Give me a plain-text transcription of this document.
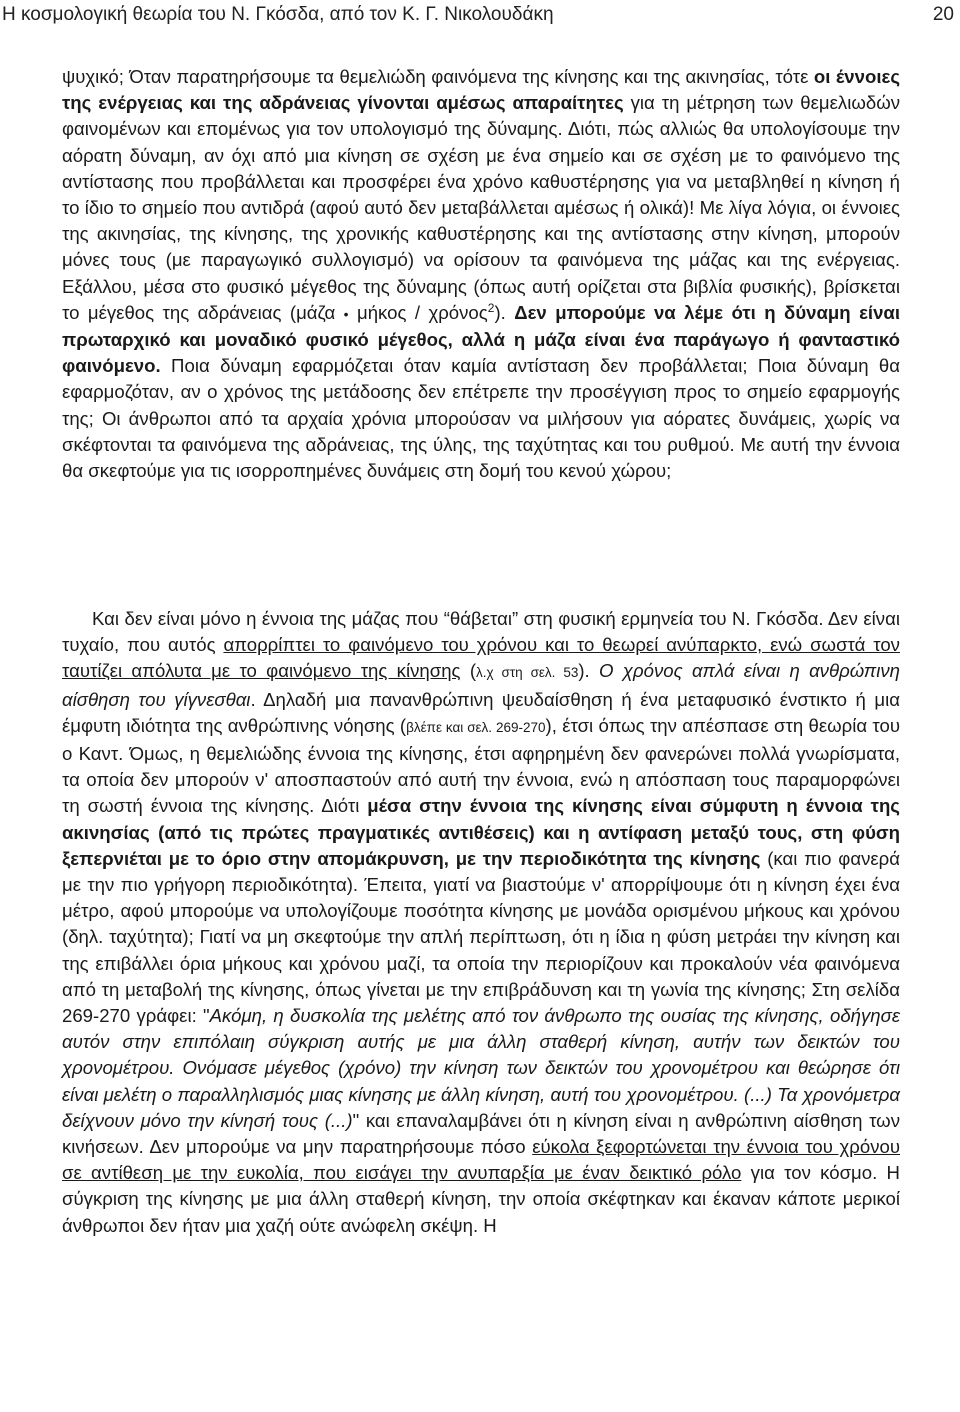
Η κοσμολογική θεωρία του Ν. Γκόσδα, από τον Κ. Γ. Νικολουδάκη	20

ψυχικό; Όταν παρατηρήσουμε τα θεμελιώδη φαινόμενα της κίνησης και της ακινησίας, τότε οι έννοιες της ενέργειας και της αδράνειας γίνονται αμέσως απαραίτητες για τη μέτρηση των θεμελιωδών φαινομένων και επομένως για τον υπολογισμό της δύναμης. Διότι, πώς αλλιώς θα υπολογίσουμε την αόρατη δύναμη, αν όχι από μια κίνηση σε σχέση με ένα σημείο και σε σχέση με το φαινόμενο της αντίστασης που προβάλλεται και προσφέρει ένα χρόνο καθυστέρησης για να μεταβληθεί η κίνηση ή το ίδιο το σημείο που αντιδρά (αφού αυτό δεν μεταβάλλεται αμέσως ή ολικά)! Με λίγα λόγια, οι έννοιες της ακινησίας, της κίνησης, της χρονικής καθυστέρησης και της αντίστασης στην κίνηση, μπορούν μόνες τους (με παραγωγικό συλλογισμό) να ορίσουν τα φαινόμενα της μάζας και της ενέργειας. Εξάλλου, μέσα στο φυσικό μέγεθος της δύναμης (όπως αυτή ορίζεται στα βιβλία φυσικής), βρίσκεται το μέγεθος της αδράνειας (μάζα • μήκος / χρόνος$^2$). Δεν μπορούμε να λέμε ότι η δύναμη είναι πρωταρχικό και μοναδικό φυσικό μέγεθος, αλλά η μάζα είναι ένα παράγωγο ή φανταστικό φαινόμενο. Ποια δύναμη εφαρμόζεται όταν καμία αντίσταση δεν προβάλλεται; Ποια δύναμη θα εφαρμοζόταν, αν ο χρόνος της μετάδοσης δεν επέτρεπε την προσέγγιση προς το σημείο εφαρμογής της; Οι άνθρωποι από τα αρχαία χρόνια μπορούσαν να μιλήσουν για αόρατες δυνάμεις, χωρίς να σκέφτονται τα φαινόμενα της αδράνειας, της ύλης, της ταχύτητας και του ρυθμού. Με αυτή την έννοια θα σκεφτούμε για τις ισορροπημένες δυνάμεις στη δομή του κενού χώρου;

Και δεν είναι μόνο η έννοια της μάζας που “θάβεται” στη φυσική ερμηνεία του Ν. Γκόσδα. Δεν είναι τυχαίο, που αυτός απορρίπτει το φαινόμενο του χρόνου και το θεωρεί ανύπαρκτο, ενώ σωστά τον ταυτίζει απόλυτα με το φαινόμενο της κίνησης (λ.χ στη σελ. 53). Ο χρόνος απλά είναι η ανθρώπινη αίσθηση του γίγνεσθαι. Δηλαδή μια πανανθρώπινη ψευδαίσθηση ή ένα μεταφυσικό ένστικτο ή μια έμφυτη ιδιότητα της ανθρώπινης νόησης (βλέπε και σελ. 269-270), έτσι όπως την απέσπασε στη θεωρία του ο Καντ. Όμως, η θεμελιώδης έννοια της κίνησης, έτσι αφηρημένη δεν φανερώνει πολλά γνωρίσματα, τα οποία δεν μπορούν ν' αποσπαστούν από αυτή την έννοια, ενώ η απόσπαση τους παραμορφώνει τη σωστή έννοια της κίνησης. Διότι μέσα στην έννοια της κίνησης είναι σύμφυτη η έννοια της ακινησίας (από τις πρώτες πραγματικές αντιθέσεις) και η αντίφαση μεταξύ τους, στη φύση ξεπερνιέται με το όριο στην απομάκρυνση, με την περιοδικότητα της κίνησης (και πιο φανερά με την πιο γρήγορη περιοδικότητα). Έπειτα, γιατί να βιαστούμε ν' απορρίψουμε ότι η κίνηση έχει ένα μέτρο, αφού μπορούμε να υπολογίζουμε ποσότητα κίνησης με μονάδα ορισμένου μήκους και χρόνου (δηλ. ταχύτητα); Γιατί να μη σκεφτούμε την απλή περίπτωση, ότι η ίδια η φύση μετράει την κίνηση και της επιβάλλει όρια μήκους και χρόνου μαζί, τα οποία την περιορίζουν και προκαλούν νέα φαινόμενα από τη μεταβολή της κίνησης, όπως γίνεται με την επιβράδυνση και τη γωνία της κίνησης; Στη σελίδα 269-270 γράφει: "Ακόμη, η δυσκολία της μελέτης από τον άνθρωπο της ουσίας της κίνησης, οδήγησε αυτόν στην επιπόλαιη σύγκριση αυτής με μια άλλη σταθερή κίνηση, αυτήν των δεικτών του χρονομέτρου. Ονόμασε μέγεθος (χρόνο) την κίνηση των δεικτών του χρονομέτρου και θεώρησε ότι είναι μελέτη ο παραλληλισμός μιας κίνησης με άλλη κίνηση, αυτή του χρονομέτρου. (...) Τα χρονόμετρα δείχνουν μόνο την κίνησή τους (...)" και επαναλαμβάνει ότι η κίνηση είναι η ανθρώπινη αίσθηση των κινήσεων. Δεν μπορούμε να μην παρατηρήσουμε πόσο εύκολα ξεφορτώνεται την έννοια του χρόνου σε αντίθεση με την ευκολία, που εισάγει την ανυπαρξία με έναν δεικτικό ρόλο για τον κόσμο. Η σύγκριση της κίνησης με μια άλλη σταθερή κίνηση, την οποία σκέφτηκαν και έκαναν κάποτε μερικοί άνθρωποι δεν ήταν μια χαζή ούτε ανώφελη σκέψη. Η
